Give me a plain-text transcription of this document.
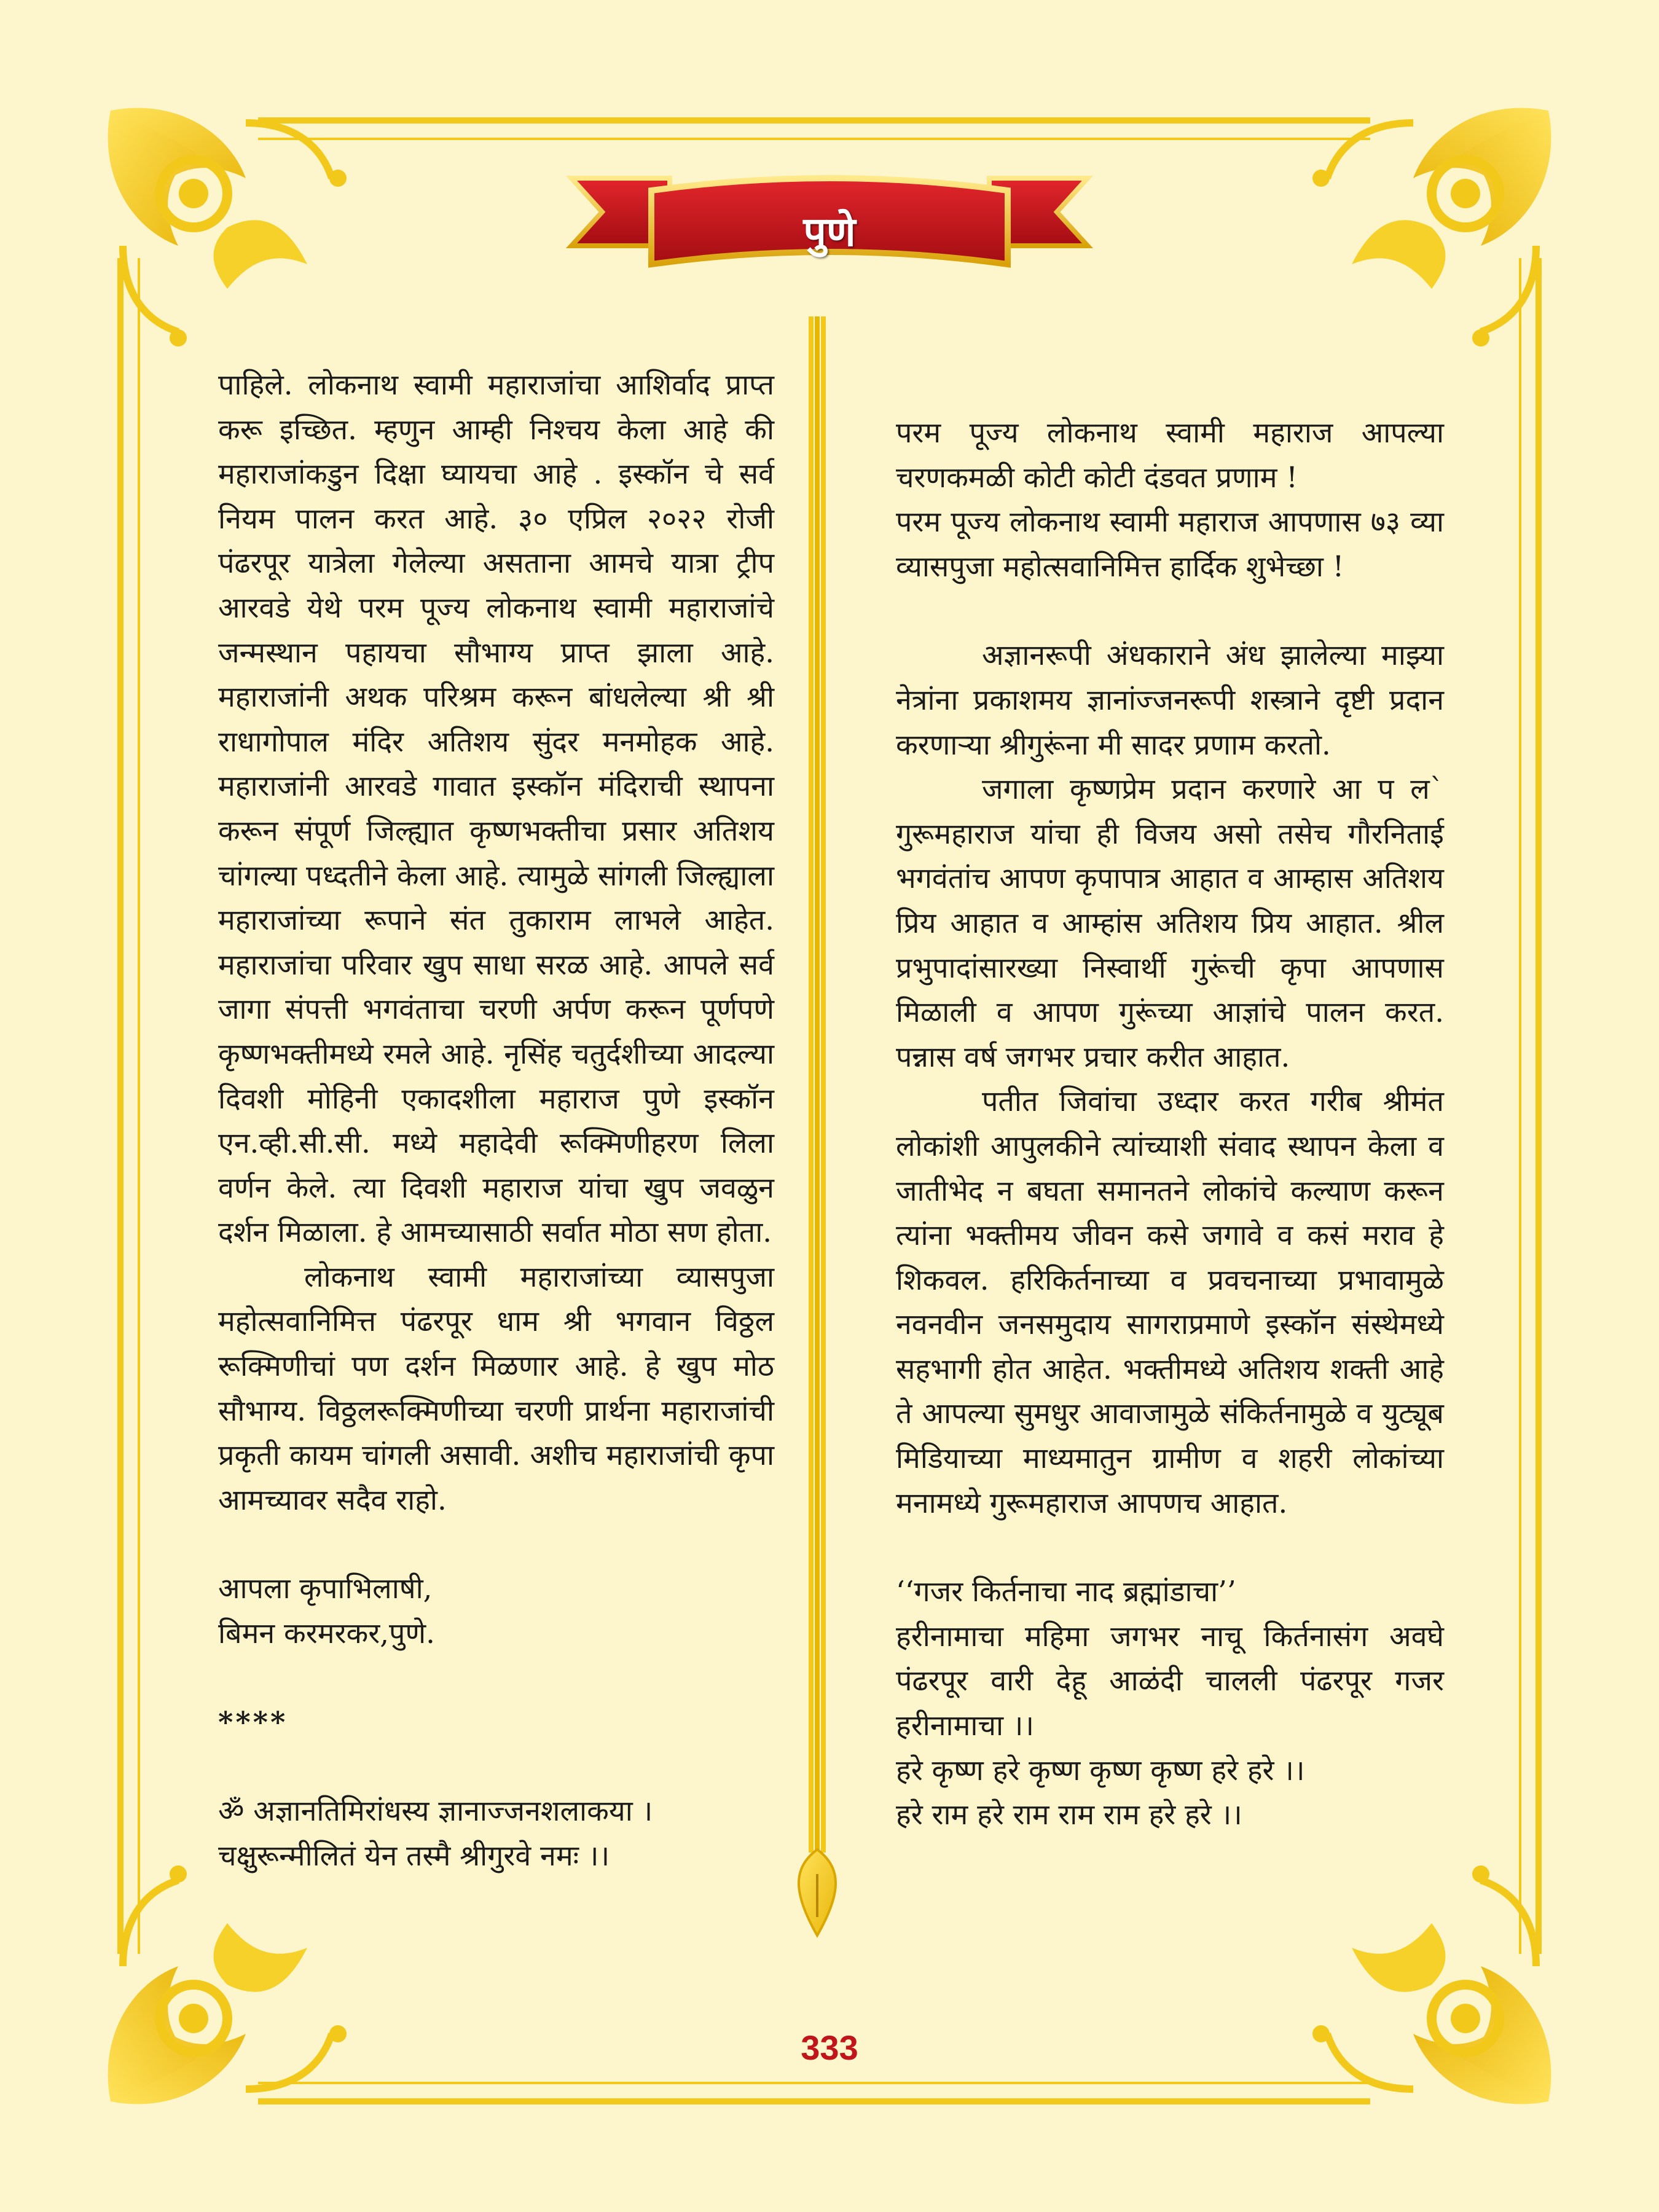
पुणे

पाहिले. लोकनाथ स्वामी महाराजांचा आशिर्वाद प्राप्त करू इच्छित. म्हणुन आम्ही निश्चय केला आहे की महाराजांकडुन दिक्षा घ्यायचा आहे . इस्कॉन चे सर्व नियम पालन करत आहे. ३० एप्रिल २०२२ रोजी पंढरपूर यात्रेला गेलेल्या असताना आमचे यात्रा ट्रीप आरवडे येथे परम पूज्य लोकनाथ स्वामी महाराजांचे जन्मस्थान पहायचा सौभाग्य प्राप्त झाला आहे. महाराजांनी अथक परिश्रम करून बांधलेल्या श्री श्री राधागोपाल मंदिर अतिशय सुंदर मनमोहक आहे. महाराजांनी आरवडे गावात इस्कॉन मंदिराची स्थापना करून संपूर्ण जिल्ह्यात कृष्णभक्तीचा प्रसार अतिशय चांगल्या पध्दतीने केला आहे. त्यामुळे सांगली जिल्ह्याला महाराजांच्या रूपाने संत तुकाराम लाभले आहेत. महाराजांचा परिवार खुप साधा सरळ आहे. आपले सर्व जागा संपत्ती भगवंताचा चरणी अर्पण करून पूर्णपणे कृष्णभक्तीमध्ये रमले आहे. नृसिंह चतुर्दशीच्या आदल्या दिवशी मोहिनी एकादशीला महाराज पुणे इस्कॉन एन.व्ही.सी.सी. मध्ये महादेवी रूक्मिणीहरण लिला वर्णन केले. त्या दिवशी महाराज यांचा खुप जवळुन दर्शन मिळाला. हे आमच्यासाठी सर्वात मोठा सण होता.

लोकनाथ स्वामी महाराजांच्या व्यासपुजा महोत्सवानिमित्त पंढरपूर धाम श्री भगवान विठ्ठल रूक्मिणीचां पण दर्शन मिळणार आहे. हे खुप मोठ सौभाग्य. विठ्ठलरूक्मिणीच्या चरणी प्रार्थना महाराजांची प्रकृती कायम चांगली असावी. अशीच महाराजांची कृपा आमच्यावर सदैव राहो.

आपला कृपाभिलाषी,

बिमन करमरकर,पुणे.

****

ॐ अज्ञानतिमिरांधस्य ज्ञानाज्जनशलाकया ।

चक्षुरून्मीलितं येन तस्मै श्रीगुरवे नमः ।।

परम पूज्य लोकनाथ स्वामी महाराज आपल्या चरणकमळी कोटी कोटी दंडवत प्रणाम !

परम पूज्य लोकनाथ स्वामी महाराज आपणास ७३ व्या व्यासपुजा महोत्सवानिमित्त हार्दिक शुभेच्छा !

अज्ञानरूपी अंधकाराने अंध झालेल्या माझ्या नेत्रांना प्रकाशमय ज्ञानांज्जनरूपी शस्त्राने दृष्टी प्रदान करणाऱ्या श्रीगुरूंना मी सादर प्रणाम करतो.

जगाला कृष्णप्रेम प्रदान करणारे आ प ल` गुरूमहाराज यांचा ही विजय असो तसेच गौरनिताई भगवंतांच आपण कृपापात्र आहात व आम्हास अतिशय प्रिय आहात व आम्हांस अतिशय प्रिय आहात. श्रील प्रभुपादांसारख्या निस्वार्थी गुरूंची कृपा आपणास मिळाली व आपण गुरूंच्या आज्ञांचे पालन करत. पन्नास वर्ष जगभर प्रचार करीत आहात.

पतीत जिवांचा उध्दार करत गरीब श्रीमंत लोकांशी आपुलकीने त्यांच्याशी संवाद स्थापन केला व जातीभेद न बघता समानतने लोकांचे कल्याण करून त्यांना भक्तीमय जीवन कसे जगावे व कसं मराव हे शिकवल. हरिकिर्तनाच्या व प्रवचनाच्या प्रभावामुळे नवनवीन जनसमुदाय सागराप्रमाणे इस्कॉन संस्थेमध्ये सहभागी होत आहेत. भक्तीमध्ये अतिशय शक्ती आहे ते आपल्या सुमधुर आवाजामुळे संकिर्तनामुळे व युट्यूब मिडियाच्या माध्यमातुन ग्रामीण व शहरी लोकांच्या मनामध्ये गुरूमहाराज आपणच आहात.

‘‘गजर किर्तनाचा नाद ब्रह्मांडाचा’’

हरीनामाचा महिमा जगभर नाचू किर्तनासंग अवघे पंढरपूर वारी देहू आळंदी चालली पंढरपूर गजर हरीनामाचा ।।

हरे कृष्ण हरे कृष्ण कृष्ण कृष्ण हरे हरे ।।

हरे राम हरे राम राम राम हरे हरे ।।

333
